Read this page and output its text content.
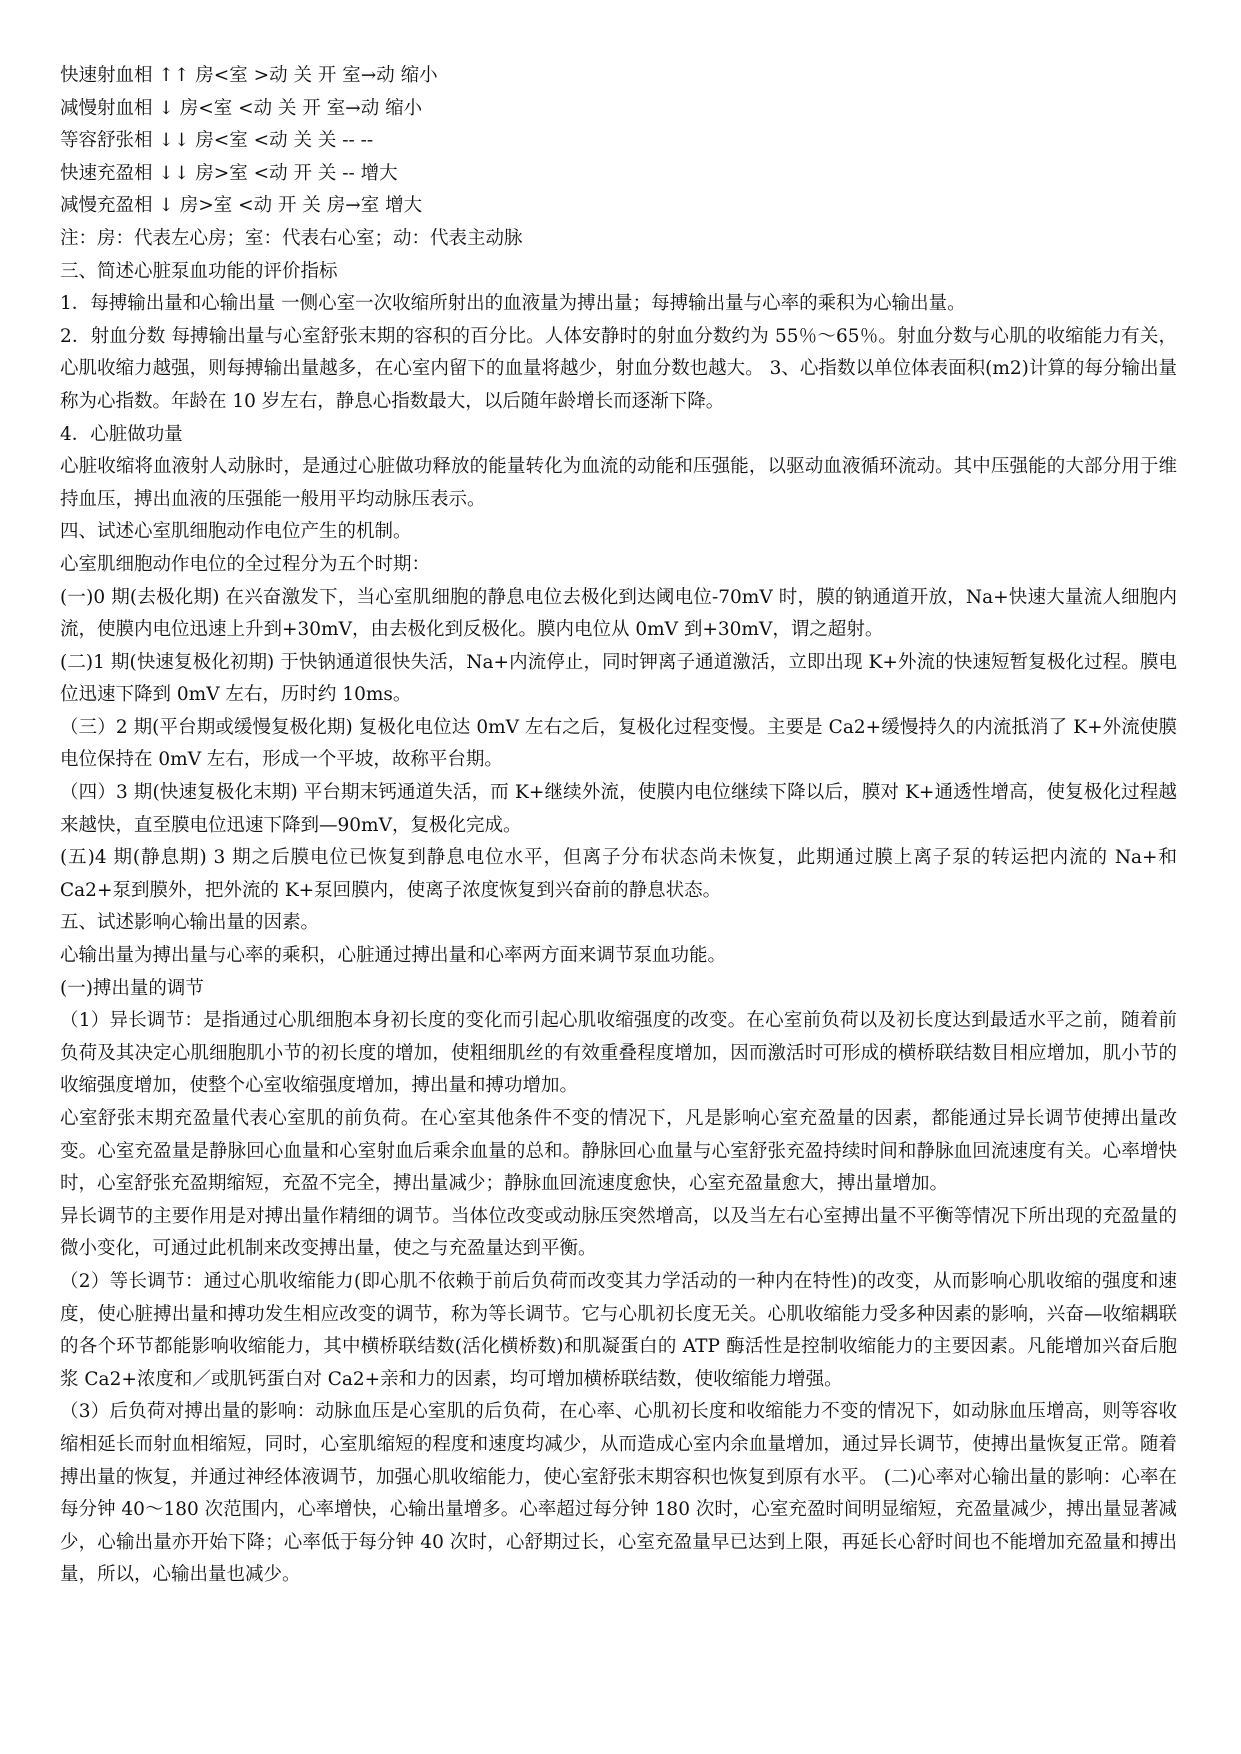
快速射血相 ↑↑ 房<室 >动 关 开 室→动 缩小
减慢射血相 ↓ 房<室 <动 关 开 室→动 缩小
等容舒张相 ↓↓ 房<室 <动 关 关 -- --
快速充盈相 ↓↓ 房>室 <动 开 关 -- 增大
减慢充盈相 ↓ 房>室 <动 开 关 房→室 增大
注：房：代表左心房；室：代表右心室；动：代表主动脉
三、简述心脏泵血功能的评价指标
1．每搏输出量和心输出量 一侧心室一次收缩所射出的血液量为搏出量；每搏输出量与心率的乘积为心输出量。
2．射血分数 每搏输出量与心室舒张末期的容积的百分比。人体安静时的射血分数约为 55％～65％。射血分数与心肌的收缩能力有关，心肌收缩力越强，则每搏输出量越多，在心室内留下的血量将越少，射血分数也越大。 3、心指数以单位体表面积(m2)计算的每分输出量称为心指数。年龄在 10 岁左右，静息心指数最大，以后随年龄增长而逐渐下降。
4．心脏做功量
心脏收缩将血液射人动脉时，是通过心脏做功释放的能量转化为血流的动能和压强能，以驱动血液循环流动。其中压强能的大部分用于维持血压，搏出血液的压强能一般用平均动脉压表示。
四、试述心室肌细胞动作电位产生的机制。
心室肌细胞动作电位的全过程分为五个时期：
(一)0 期(去极化期) 在兴奋激发下，当心室肌细胞的静息电位去极化到达阈电位-70mV 时，膜的钠通道开放，Na+快速大量流人细胞内流，使膜内电位迅速上升到+30mV，由去极化到反极化。膜内电位从 0mV 到+30mV，谓之超射。
(二)1 期(快速复极化初期) 于快钠通道很快失活，Na+内流停止，同时钾离子通道激活，立即出现 K+外流的快速短暂复极化过程。膜电位迅速下降到 0mV 左右，历时约 10ms。
（三）2 期(平台期或缓慢复极化期) 复极化电位达 0mV 左右之后，复极化过程变慢。主要是 Ca2+缓慢持久的内流抵消了 K+外流使膜电位保持在 0mV 左右，形成一个平坡，故称平台期。
（四）3 期(快速复极化末期) 平台期末钙通道失活，而 K+继续外流，使膜内电位继续下降以后，膜对 K+通透性增高，使复极化过程越来越快，直至膜电位迅速下降到—90mV，复极化完成。
(五)4 期(静息期) 3 期之后膜电位已恢复到静息电位水平，但离子分布状态尚未恢复，此期通过膜上离子泵的转运把内流的 Na+和 Ca2+泵到膜外，把外流的 K+泵回膜内，使离子浓度恢复到兴奋前的静息状态。
五、试述影响心输出量的因素。
心输出量为搏出量与心率的乘积，心脏通过搏出量和心率两方面来调节泵血功能。
(一)搏出量的调节
（1）异长调节：是指通过心肌细胞本身初长度的变化而引起心肌收缩强度的改变。在心室前负荷以及初长度达到最适水平之前，随着前负荷及其决定心肌细胞肌小节的初长度的增加，使粗细肌丝的有效重叠程度增加，因而激活时可形成的横桥联结数目相应增加，肌小节的收缩强度增加，使整个心室收缩强度增加，搏出量和搏功增加。
心室舒张末期充盈量代表心室肌的前负荷。在心室其他条件不变的情况下，凡是影响心室充盈量的因素，都能通过异长调节使搏出量改变。心室充盈量是静脉回心血量和心室射血后乘余血量的总和。静脉回心血量与心室舒张充盈持续时间和静脉血回流速度有关。心率增快时，心室舒张充盈期缩短，充盈不完全，搏出量减少；静脉血回流速度愈快，心室充盈量愈大，搏出量增加。
异长调节的主要作用是对搏出量作精细的调节。当体位改变或动脉压突然增高，以及当左右心室搏出量不平衡等情况下所出现的充盈量的微小变化，可通过此机制来改变搏出量，使之与充盈量达到平衡。
（2）等长调节：通过心肌收缩能力(即心肌不依赖于前后负荷而改变其力学活动的一种内在特性)的改变，从而影响心肌收缩的强度和速度，使心脏搏出量和搏功发生相应改变的调节，称为等长调节。它与心肌初长度无关。心肌收缩能力受多种因素的影响，兴奋—收缩耦联的各个环节都能影响收缩能力，其中横桥联结数(活化横桥数)和肌凝蛋白的 ATP 酶活性是控制收缩能力的主要因素。凡能增加兴奋后胞浆 Ca2+浓度和／或肌钙蛋白对 Ca2+亲和力的因素，均可增加横桥联结数，使收缩能力增强。
（3）后负荷对搏出量的影响：动脉血压是心室肌的后负荷，在心率、心肌初长度和收缩能力不变的情况下，如动脉血压增高，则等容收缩相延长而射血相缩短，同时，心室肌缩短的程度和速度均减少，从而造成心室内余血量增加，通过异长调节，使搏出量恢复正常。随着搏出量的恢复，并通过神经体液调节，加强心肌收缩能力，使心室舒张末期容积也恢复到原有水平。 (二)心率对心输出量的影响：心率在每分钟 40～180 次范围内，心率增快，心输出量增多。心率超过每分钟 180 次时，心室充盈时间明显缩短，充盈量减少，搏出量显著减少，心输出量亦开始下降；心率低于每分钟 40 次时，心舒期过长，心室充盈量早已达到上限，再延长心舒时间也不能增加充盈量和搏出量，所以，心输出量也减少。
